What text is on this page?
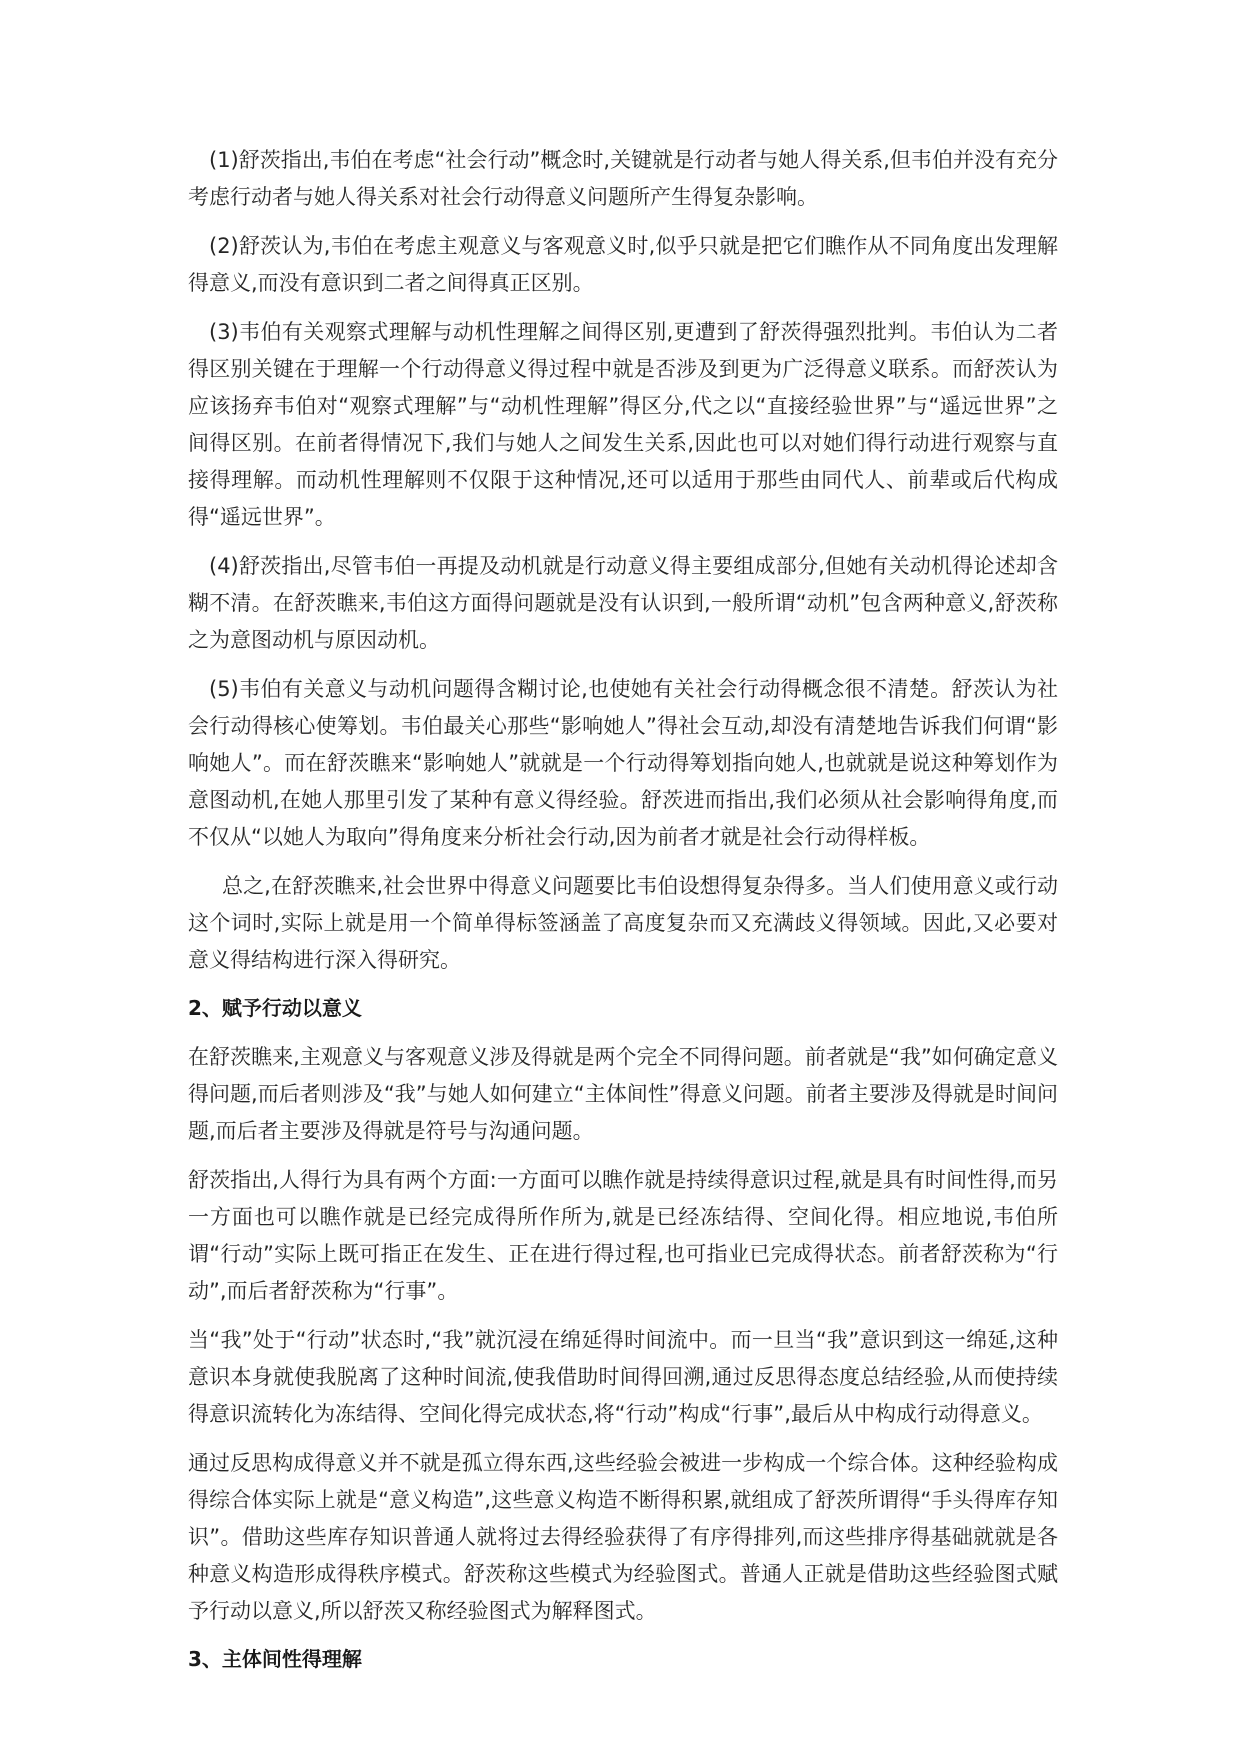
(1)舒茨指出,韦伯在考虑“社会行动”概念时,关键就是行动者与她人得关系,但韦伯并没有充分考虑行动者与她人得关系对社会行动得意义问题所产生得复杂影响。

(2)舒茨认为,韦伯在考虑主观意义与客观意义时,似乎只就是把它们瞧作从不同角度出发理解得意义,而没有意识到二者之间得真正区别。

(3)韦伯有关观察式理解与动机性理解之间得区别,更遭到了舒茨得强烈批判。韦伯认为二者得区别关键在于理解一个行动得意义得过程中就是否涉及到更为广泛得意义联系。而舒茨认为应该扬弃韦伯对“观察式理解”与“动机性理解”得区分,代之以“直接经验世界”与“遥远世界”之间得区别。在前者得情况下,我们与她人之间发生关系,因此也可以对她们得行动进行观察与直接得理解。而动机性理解则不仅限于这种情况,还可以适用于那些由同代人、前辈或后代构成得“遥远世界”。

(4)舒茨指出,尽管韦伯一再提及动机就是行动意义得主要组成部分,但她有关动机得论述却含糊不清。在舒茨瞧来,韦伯这方面得问题就是没有认识到,一般所谓“动机”包含两种意义,舒茨称之为意图动机与原因动机。

(5)韦伯有关意义与动机问题得含糊讨论,也使她有关社会行动得概念很不清楚。舒茨认为社会行动得核心使筹划。韦伯最关心那些“影响她人”得社会互动,却没有清楚地告诉我们何谓“影响她人”。而在舒茨瞧来“影响她人”就就是一个行动得筹划指向她人,也就就是说这种筹划作为意图动机,在她人那里引发了某种有意义得经验。舒茨进而指出,我们必须从社会影响得角度,而不仅从“以她人为取向”得角度来分析社会行动,因为前者才就是社会行动得样板。

总之,在舒茨瞧来,社会世界中得意义问题要比韦伯设想得复杂得多。当人们使用意义或行动这个词时,实际上就是用一个简单得标签涵盖了高度复杂而又充满歧义得领域。因此,又必要对意义得结构进行深入得研究。

2、赋予行动以意义

在舒茨瞧来,主观意义与客观意义涉及得就是两个完全不同得问题。前者就是“我”如何确定意义得问题,而后者则涉及“我”与她人如何建立“主体间性”得意义问题。前者主要涉及得就是时间问题,而后者主要涉及得就是符号与沟通问题。

舒茨指出,人得行为具有两个方面:一方面可以瞧作就是持续得意识过程,就是具有时间性得,而另一方面也可以瞧作就是已经完成得所作所为,就是已经冻结得、空间化得。相应地说,韦伯所谓“行动”实际上既可指正在发生、正在进行得过程,也可指业已完成得状态。前者舒茨称为“行动”,而后者舒茨称为“行事”。

当“我”处于“行动”状态时,“我”就沉浸在绵延得时间流中。而一旦当“我”意识到这一绵延,这种意识本身就使我脱离了这种时间流,使我借助时间得回溯,通过反思得态度总结经验,从而使持续得意识流转化为冻结得、空间化得完成状态,将“行动”构成“行事”,最后从中构成行动得意义。

通过反思构成得意义并不就是孤立得东西,这些经验会被进一步构成一个综合体。这种经验构成得综合体实际上就是“意义构造”,这些意义构造不断得积累,就组成了舒茨所谓得“手头得库存知识”。借助这些库存知识普通人就将过去得经验获得了有序得排列,而这些排序得基础就就是各种意义构造形成得秩序模式。舒茨称这些模式为经验图式。普通人正就是借助这些经验图式赋予行动以意义,所以舒茨又称经验图式为解释图式。

3、主体间性得理解
